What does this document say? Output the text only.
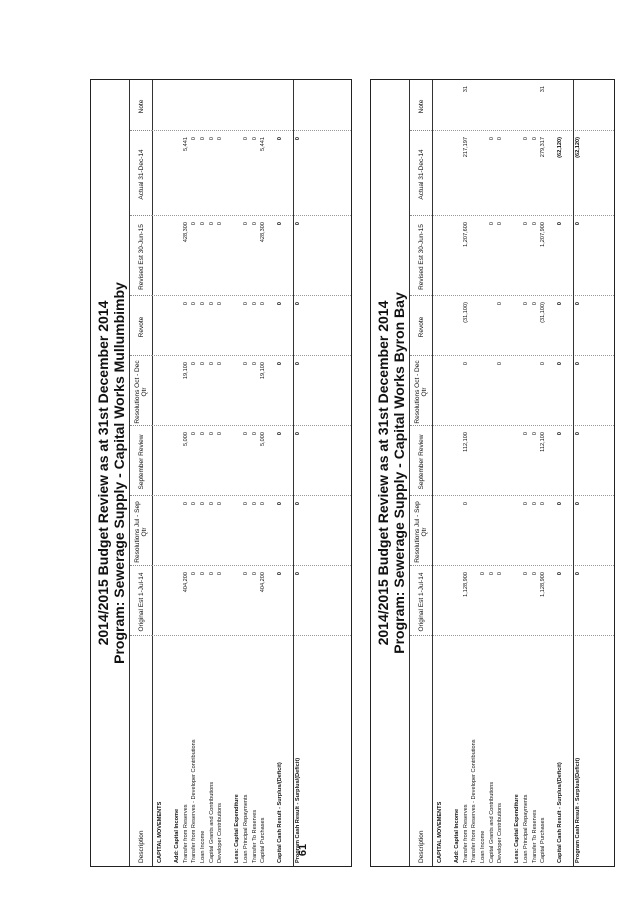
61
2014/2015 Budget Review as at 31st December 2014 Program: Sewerage Supply - Capital Works Byron Bay
Description
Original Est 1-Jul-14
Resolutions Jul - Sep Qtr
September Review
Resolutions Oct - Dec Qtr
Revote
Revised Est 30-Jun-15
Actual 31-Dec-14
Note
CAPITAL MOVEMENTS Add: Capital Income Transfer from Reserves
1,128,900
0
112,100
0
(31,100)
1,207,600
217,197
31
Transfer from Reserves - Developer Contributions Loan Income
0
Capital Grants and Contributions
0
0
0
Developer Contributions
0
0
0
0
0
Less: Capital Expenditure Loan Principal Repayments
0
0
0
0
0
0
Transfer To Reserves
0
0
0
0
0
0
Capital Purchases
1,128,900
0
112,100
0
(31,100)
1,207,900
279,317
31
Capital Cash Result - Surplus/(Deficit)
0
0
0
0
0
0
(62,120)
Program Cash Result - Surplus/(Deficit)
0
0
0
0
0
0
(62,120)
2014/2015 Budget Review as at 31st December 2014 Program: Sewerage Supply - Capital Works Mullumbimby
Description
Original Est 1-Jul-14
Resolutions Jul - Sep Qtr
September Review
Resolutions Oct - Dec Qtr
Revote
Revised Est 30-Jun-15
Actual 31-Dec-14
Note
CAPITAL MOVEMENTS Add: Capital Income Transfer from Reserves
404,200
0
5,000
19,100
0
428,300
5,441
Transfer from Reserves - Developer Contributions
0
0
0
0
0
0
0
Loan Income
0
0
0
0
0
0
0
Capital Grants and Contributions
0
0
0
0
0
0
0
Developer Contributions
0
0
0
0
0
0
0
Less: Capital Expenditure Loan Principal Repayments
0
0
0
0
0
0
0
Transfer To Reserves
0
0
0
0
0
0
0
Capital Purchases
404,200
0
5,000
19,100
0
428,300
5,441
Capital Cash Result - Surplus/(Deficit)
0
0
0
0
0
0
0
Program Cash Result - Surplus/(Deficit)
0
0
0
0
0
0
0
